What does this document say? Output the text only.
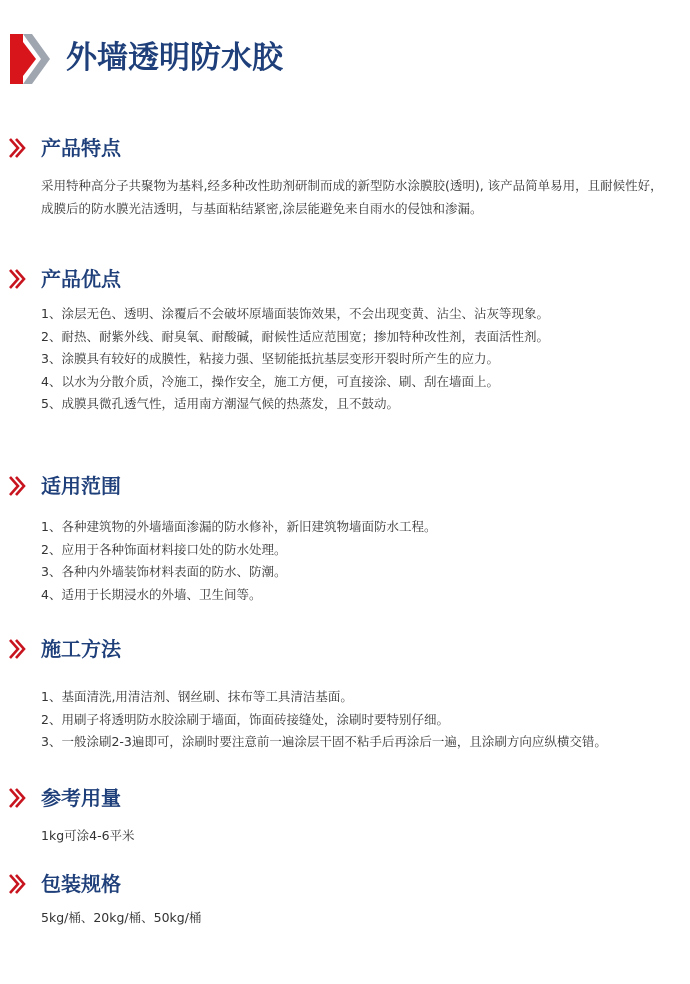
外墙透明防水胶
产品特点
采用特种高分子共聚物为基料,经多种改性助剂研制而成的新型防水涂膜胶(透明), 该产品简单易用，且耐候性好，成膜后的防水膜光洁透明，与基面粘结紧密,涂层能避免来自雨水的侵蚀和渗漏。
产品优点
1、涂层无色、透明、涂覆后不会破坏原墙面装饰效果，不会出现变黄、沾尘、沾灰等现象。
2、耐热、耐紫外线、耐臭氧、耐酸碱，耐候性适应范围宽；掺加特种改性剂，表面活性剂。
3、涂膜具有较好的成膜性，粘接力强、坚韧能抵抗基层变形开裂时所产生的应力。
4、以水为分散介质，冷施工，操作安全，施工方便，可直接涂、刷、刮在墙面上。
5、成膜具微孔透气性，适用南方潮湿气候的热蒸发，且不鼓动。
适用范围
1、各种建筑物的外墙墙面渗漏的防水修补，新旧建筑物墙面防水工程。
2、应用于各种饰面材料接口处的防水处理。
3、各种内外墙装饰材料表面的防水、防潮。
4、适用于长期浸水的外墙、卫生间等。
施工方法
1、基面清洗,用清洁剂、钢丝刷、抹布等工具清洁基面。
2、用刷子将透明防水胶涂刷于墙面，饰面砖接缝处，涂刷时要特别仔细。
3、一般涂刷2-3遍即可，涂刷时要注意前一遍涂层干固不粘手后再涂后一遍，且涂刷方向应纵横交错。
参考用量
1kg可涂4-6平米
包装规格
5kg/桶、20kg/桶、50kg/桶
